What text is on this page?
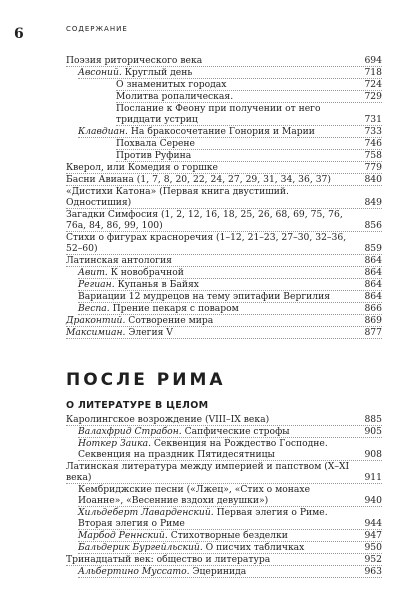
6	СОДЕРЖАНИЕ
Поэзия риторического века	694
Авсоний. Круглый день	718
О знаменитых городах	724
Молитва ропалическая.	729
Послание к Феону при получении от него тридцати устриц	731
Клавдиан. На бракосочетание Гонория и Марии	733
Похвала Серене	746
Против Руфина	758
Кверол, или Комедия о горшке	779
Басни Авиана (1, 7, 8, 20, 22, 24, 27, 29, 31, 34, 36, 37)	840
«Дистихи Катона» (Первая книга двустиший. Одностишия)	849
Загадки Симфосия (1, 2, 12, 16, 18, 25, 26, 68, 69, 75, 76, 76а, 84, 86, 99, 100)	856
Стихи о фигурах красноречия (1–12, 21–23, 27–30, 32–36, 52–60)	859
Латинская антология	864
Авит. К новобрачной	864
Региан. Купанья в Байях	864
Вариации 12 мудрецов на тему эпитафии Вергилия	864
Веспа. Прение пекаря с поваром	866
Драконтий. Сотворение мира	869
Максимиан. Элегия V	877
ПОСЛЕ РИМА
О ЛИТЕРАТУРЕ В ЦЕЛОМ
Каролингское возрождение (VIII–IX века)	885
Валахфрид Страбон. Сапфические строфы	905
Ноткер Заика. Секвенция на Рождество Господне. Секвенция на праздник Пятидесятницы	908
Латинская литература между империей и папством (X–XI века)	911
Кембриджские песни («Лжец», «Стих о монахе Иоанне», «Весенние вздохи девушки»)	940
Хильдеберт Лаварденский. Первая элегия о Риме. Вторая элегия о Риме	944
Марбод Реннский. Стихотворные безделки	947
Бальдерик Бургейльский. О писчих табличках	950
Тринадцатый век: общество и литература	952
Альбертино Муссато. Эцеринида	963
